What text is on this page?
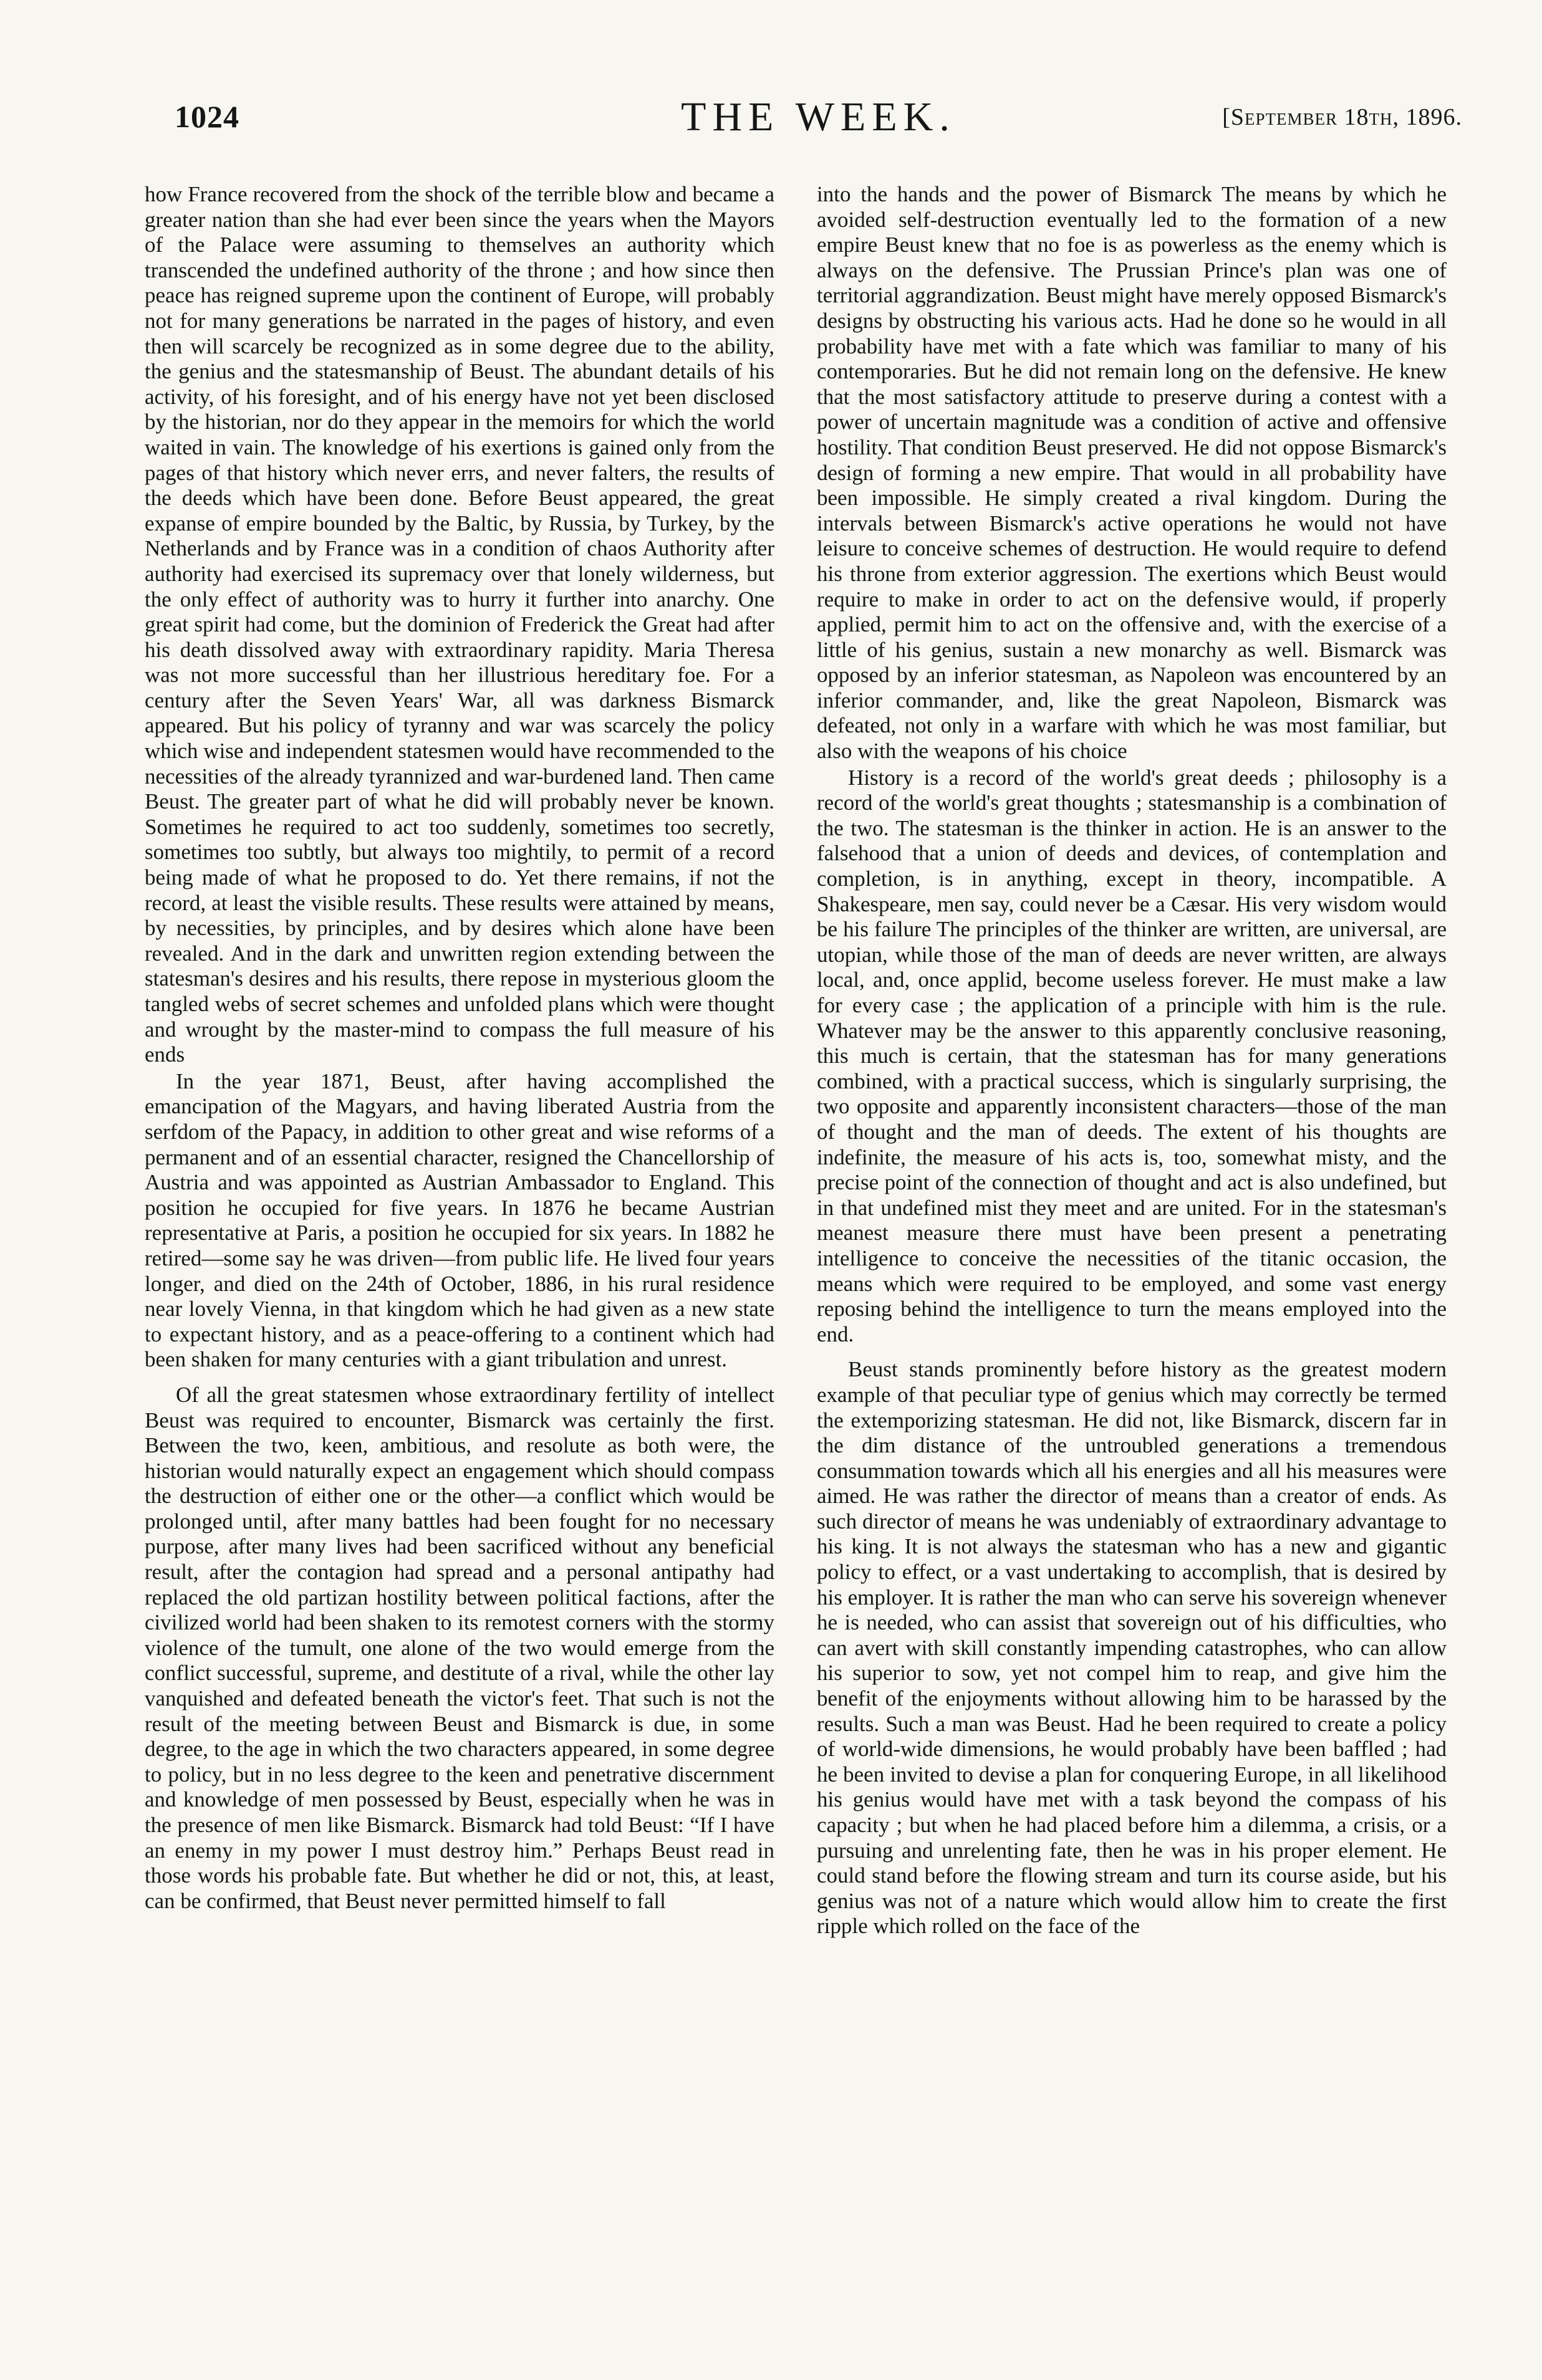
1024	THE WEEK.	[September 18th, 1896.

how France recovered from the shock of the terrible blow and became a greater nation than she had ever been since the years when the Mayors of the Palace were assuming to themselves an authority which transcended the undefined authority of the throne ; and how since then peace has reigned supreme upon the continent of Europe, will probably not for many generations be narrated in the pages of history, and even then will scarcely be recognized as in some degree due to the ability, the genius and the statesmanship of Beust. The abundant details of his activity, of his foresight, and of his energy have not yet been disclosed by the historian, nor do they appear in the memoirs for which the world waited in vain. The knowledge of his exertions is gained only from the pages of that history which never errs, and never falters, the results of the deeds which have been done. Before Beust appeared, the great expanse of empire bounded by the Baltic, by Russia, by Turkey, by the Netherlands and by France was in a condition of chaos Authority after authority had exercised its supremacy over that lonely wilderness, but the only effect of authority was to hurry it further into anarchy. One great spirit had come, but the dominion of Frederick the Great had after his death dissolved away with extraordinary rapidity. Maria Theresa was not more successful than her illustrious hereditary foe. For a century after the Seven Years' War, all was darkness Bismarck appeared. But his policy of tyranny and war was scarcely the policy which wise and independent statesmen would have recommended to the necessities of the already tyrannized and war-burdened land. Then came Beust. The greater part of what he did will probably never be known. Sometimes he required to act too suddenly, sometimes too secretly, sometimes too subtly, but always too mightily, to permit of a record being made of what he proposed to do. Yet there remains, if not the record, at least the visible results. These results were attained by means, by necessities, by principles, and by desires which alone have been revealed. And in the dark and unwritten region extending between the statesman's desires and his results, there repose in mysterious gloom the tangled webs of secret schemes and unfolded plans which were thought and wrought by the master-mind to compass the full measure of his ends

In the year 1871, Beust, after having accomplished the emancipation of the Magyars, and having liberated Austria from the serfdom of the Papacy, in addition to other great and wise reforms of a permanent and of an essential character, resigned the Chancellorship of Austria and was appointed as Austrian Ambassador to England. This position he occupied for five years. In 1876 he became Austrian representative at Paris, a position he occupied for six years. In 1882 he retired—some say he was driven—from public life. He lived four years longer, and died on the 24th of October, 1886, in his rural residence near lovely Vienna, in that kingdom which he had given as a new state to expectant history, and as a peace-offering to a continent which had been shaken for many centuries with a giant tribulation and unrest.

Of all the great statesmen whose extraordinary fertility of intellect Beust was required to encounter, Bismarck was certainly the first. Between the two, keen, ambitious, and resolute as both were, the historian would naturally expect an engagement which should compass the destruction of either one or the other—a conflict which would be prolonged until, after many battles had been fought for no necessary purpose, after many lives had been sacrificed without any beneficial result, after the contagion had spread and a personal antipathy had replaced the old partizan hostility between political factions, after the civilized world had been shaken to its remotest corners with the stormy violence of the tumult, one alone of the two would emerge from the conflict successful, supreme, and destitute of a rival, while the other lay vanquished and defeated beneath the victor's feet. That such is not the result of the meeting between Beust and Bismarck is due, in some degree, to the age in which the two characters appeared, in some degree to policy, but in no less degree to the keen and penetrative discernment and knowledge of men possessed by Beust, especially when he was in the presence of men like Bismarck. Bismarck had told Beust: “If I have an enemy in my power I must destroy him.” Perhaps Beust read in those words his probable fate. But whether he did or not, this, at least, can be confirmed, that Beust never permitted himself to fall

into the hands and the power of Bismarck The means by which he avoided self-destruction eventually led to the formation of a new empire Beust knew that no foe is as powerless as the enemy which is always on the defensive. The Prussian Prince's plan was one of territorial aggrandization. Beust might have merely opposed Bismarck's designs by obstructing his various acts. Had he done so he would in all probability have met with a fate which was familiar to many of his contemporaries. But he did not remain long on the defensive. He knew that the most satisfactory attitude to preserve during a contest with a power of uncertain magnitude was a condition of active and offensive hostility. That condition Beust preserved. He did not oppose Bismarck's design of forming a new empire. That would in all probability have been impossible. He simply created a rival kingdom. During the intervals between Bismarck's active operations he would not have leisure to conceive schemes of destruction. He would require to defend his throne from exterior aggression. The exertions which Beust would require to make in order to act on the defensive would, if properly applied, permit him to act on the offensive and, with the exercise of a little of his genius, sustain a new monarchy as well. Bismarck was opposed by an inferior statesman, as Napoleon was encountered by an inferior commander, and, like the great Napoleon, Bismarck was defeated, not only in a warfare with which he was most familiar, but also with the weapons of his choice

History is a record of the world's great deeds ; philosophy is a record of the world's great thoughts ; statesmanship is a combination of the two. The statesman is the thinker in action. He is an answer to the falsehood that a union of deeds and devices, of contemplation and completion, is in anything, except in theory, incompatible. A Shakespeare, men say, could never be a Cæsar. His very wisdom would be his failure The principles of the thinker are written, are universal, are utopian, while those of the man of deeds are never written, are always local, and, once applid, become useless forever. He must make a law for every case ; the application of a principle with him is the rule. Whatever may be the answer to this apparently conclusive reasoning, this much is certain, that the statesman has for many generations combined, with a practical success, which is singularly surprising, the two opposite and apparently inconsistent characters—those of the man of thought and the man of deeds. The extent of his thoughts are indefinite, the measure of his acts is, too, somewhat misty, and the precise point of the connection of thought and act is also undefined, but in that undefined mist they meet and are united. For in the statesman's meanest measure there must have been present a penetrating intelligence to conceive the necessities of the titanic occasion, the means which were required to be employed, and some vast energy reposing behind the intelligence to turn the means employed into the end.

Beust stands prominently before history as the greatest modern example of that peculiar type of genius which may correctly be termed the extemporizing statesman. He did not, like Bismarck, discern far in the dim distance of the untroubled generations a tremendous consummation towards which all his energies and all his measures were aimed. He was rather the director of means than a creator of ends. As such director of means he was undeniably of extraordinary advantage to his king. It is not always the statesman who has a new and gigantic policy to effect, or a vast undertaking to accomplish, that is desired by his employer. It is rather the man who can serve his sovereign whenever he is needed, who can assist that sovereign out of his difficulties, who can avert with skill constantly impending catastrophes, who can allow his superior to sow, yet not compel him to reap, and give him the benefit of the enjoyments without allowing him to be harassed by the results. Such a man was Beust. Had he been required to create a policy of world-wide dimensions, he would probably have been baffled ; had he been invited to devise a plan for conquering Europe, in all likelihood his genius would have met with a task beyond the compass of his capacity ; but when he had placed before him a dilemma, a crisis, or a pursuing and unrelenting fate, then he was in his proper element. He could stand before the flowing stream and turn its course aside, but his genius was not of a nature which would allow him to create the first ripple which rolled on the face of the
